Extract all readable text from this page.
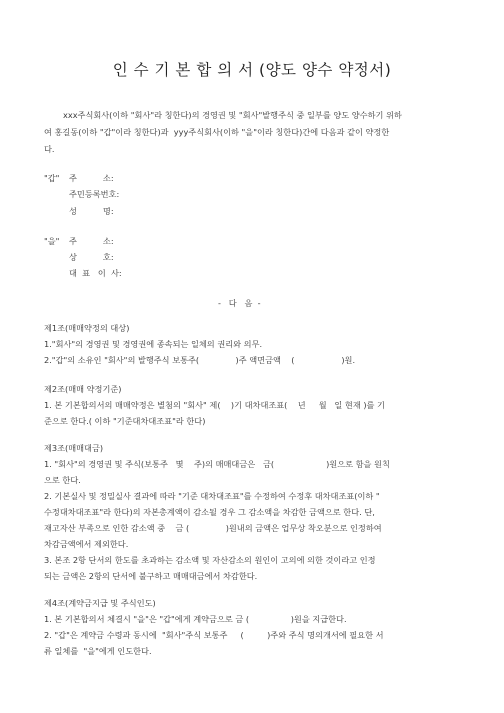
인 수 기 본 합 의 서 (양도 양수 약정서)
xxx주식회사(이하 "회사"라 칭한다)의 경영권 및 "회사"발행주식 중 일부를 양도 양수하기 위하
여 홍길동(이하 "갑"이라 칭한다)과  yyy주식회사(이하 "을"이라 칭한다)간에 다음과 같이 약정한
다.
"갑" 주          소:
주민등록번호:
성          명:
"을" 주          소:
상          호:
대  표   이  사:
-   다   음  -
제1조(매매약정의 대상)
1."회사"의 경영권 및 경영권에 종속되는 일체의 권리와 의무.
2."갑"의 소유인 "회사"의 발행주식 보통주(              )주 액면금액    (                  )원.
제2조(매매 약정기준)
1. 본 기본합의서의 매매약정은 별첨의 "회사" 제(    )기 대차대조표(    년     월   일 현재 )를 기
준으로 한다.( 이하 "기준대차대조표"라 한다)
제3조(매매대금)
1. "회사"의 경영권 및 주식(보통주   몇    주)의 매매대금은   금(                    )원으로 함을 원칙
으로 한다.
2. 기본실사 및 정밀실사 결과에 따라 "기준 대차대조표"를 수정하여 수정후 대차대조표(이하 "
수정대차대조표"라 한다)의 자본총계액이 감소될 경우 그 감소액을 차감한 금액으로 한다. 단,
재고자산 부족으로 인한 감소액 중    금 (              )원내의 금액은 업무상 착오분으로 인정하여
차감금액에서 제외한다.
3. 본조 2항 단서의 한도를 초과하는 감소액 및 자산감소의 원인이 고의에 의한 것이라고 인정
되는 금액은 2항의 단서에 불구하고 매매대금에서 차감한다.
제4조(계약금지급 및 주식인도)
1. 본 기본합의서 체결시 "을"은 "갑"에게 계약금으로 금 (                )원을 지급한다.
2. "갑"은 계약금 수령과 동시에  "회사"주식 보통주     (         )주와 주식 명의개서에 필요한 서
류 일체를  "을"에게 인도한다.
